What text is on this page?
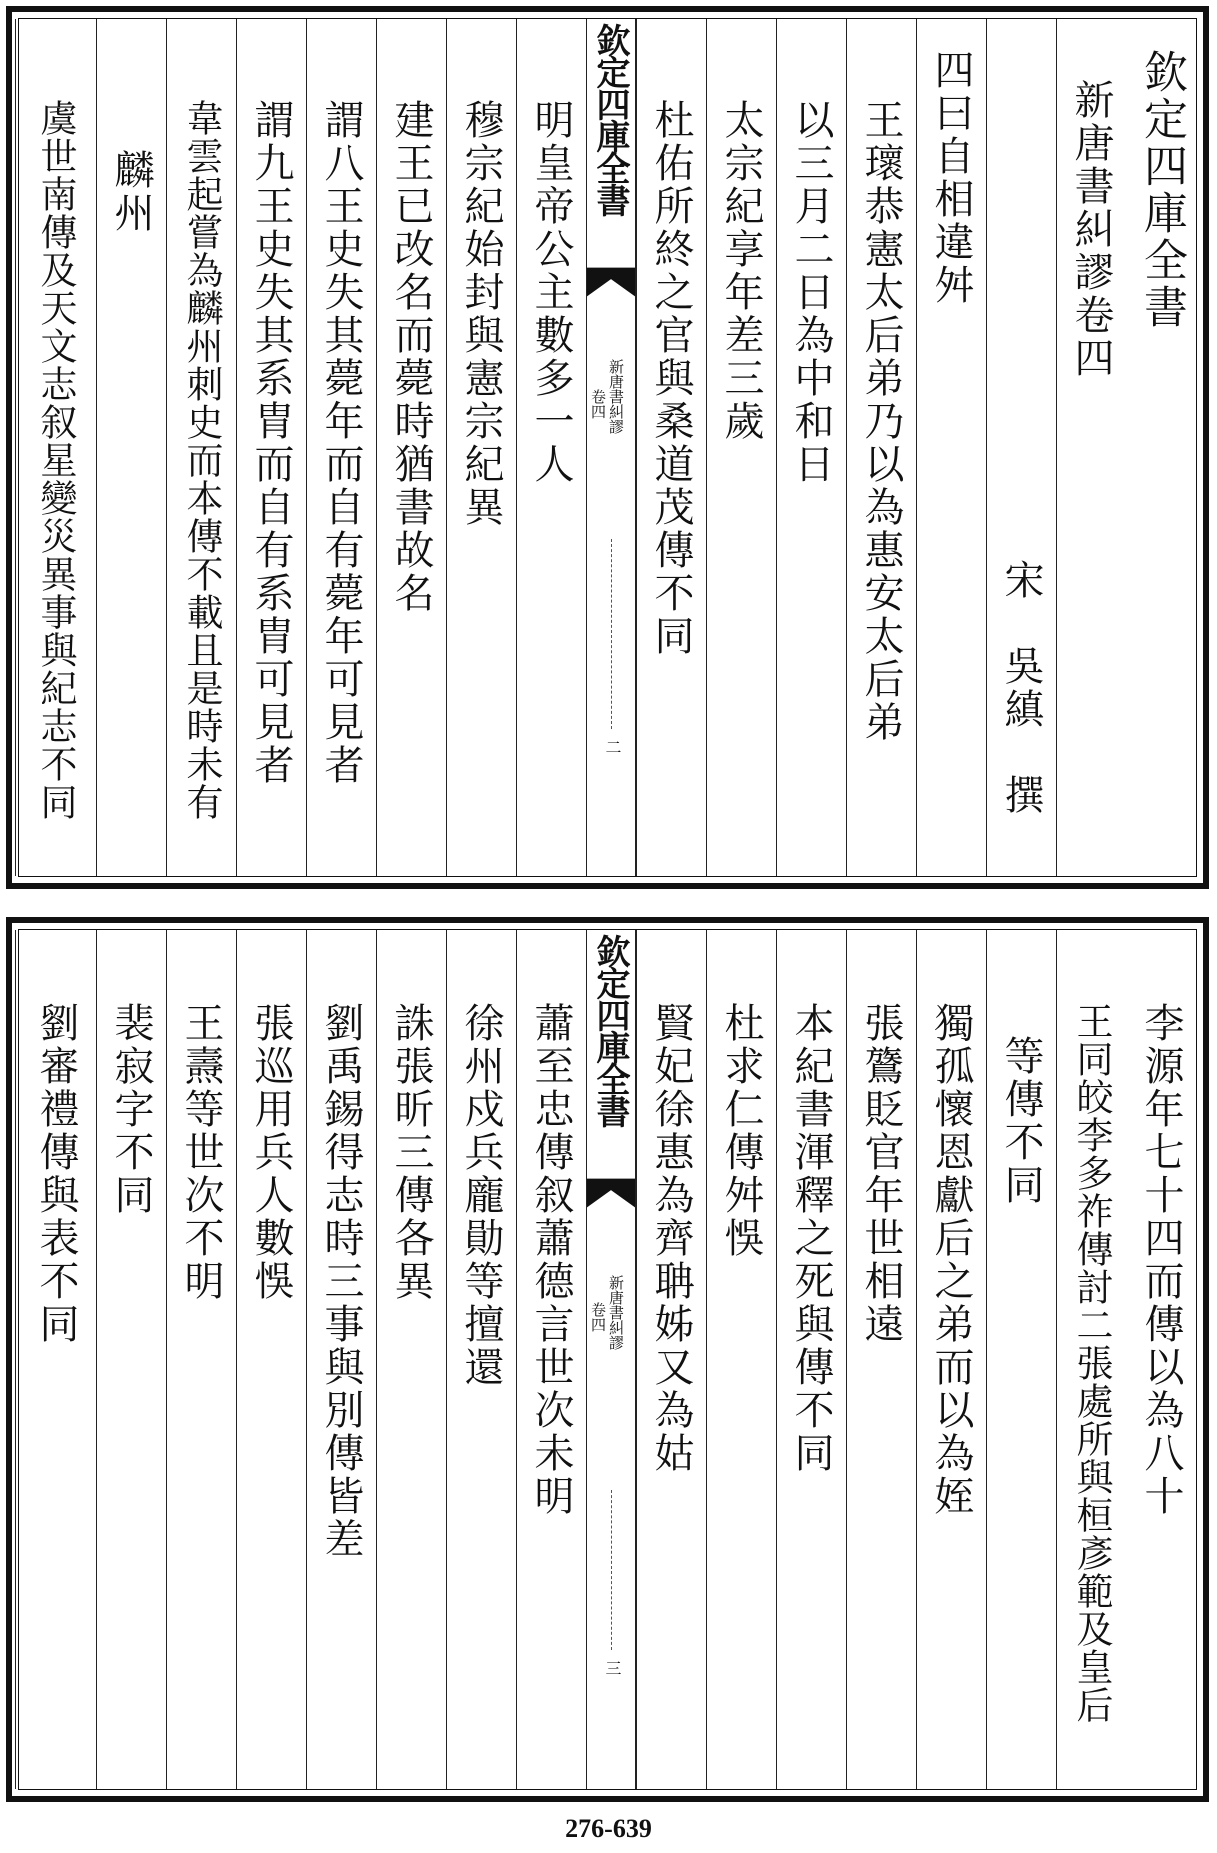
欽定四庫全書
新唐書糾謬卷四
宋　吳縝　撰
四曰自相違舛
王瓌恭憲太后弟乃以為惠安太后弟
以三月二日為中和日
太宗紀享年差三歲
杜佑所終之官與桑道茂傳不同
欽定四庫全書
新唐書糾謬
卷四
二
明皇帝公主數多一人
穆宗紀始封與憲宗紀異
建王已改名而薨時猶書故名
謂八王史失其薨年而自有薨年可見者
謂九王史失其系胄而自有系胄可見者
韋雲起嘗為麟州刺史而本傳不載且是時未有
麟州
虞世南傳及天文志叙星變災異事與紀志不同
李源年七十四而傳以為八十
王同皎李多祚傳討二張處所與桓彥範及皇后
等傳不同
獨孤懷恩獻后之弟而以為姪
張鷟貶官年世相遠
本紀書渾釋之死與傳不同
杜求仁傳舛悞
賢妃徐惠為齊聃姊又為姑
欽定四庫全書
新唐書糾謬
卷四
三
蕭至忠傳叙蕭德言世次未明
徐州戍兵龐勛等擅還
誅張昕三傳各異
劉禹錫得志時三事與別傳皆差
張巡用兵人數悞
王燾等世次不明
裴寂字不同
劉審禮傳與表不同
276-639
